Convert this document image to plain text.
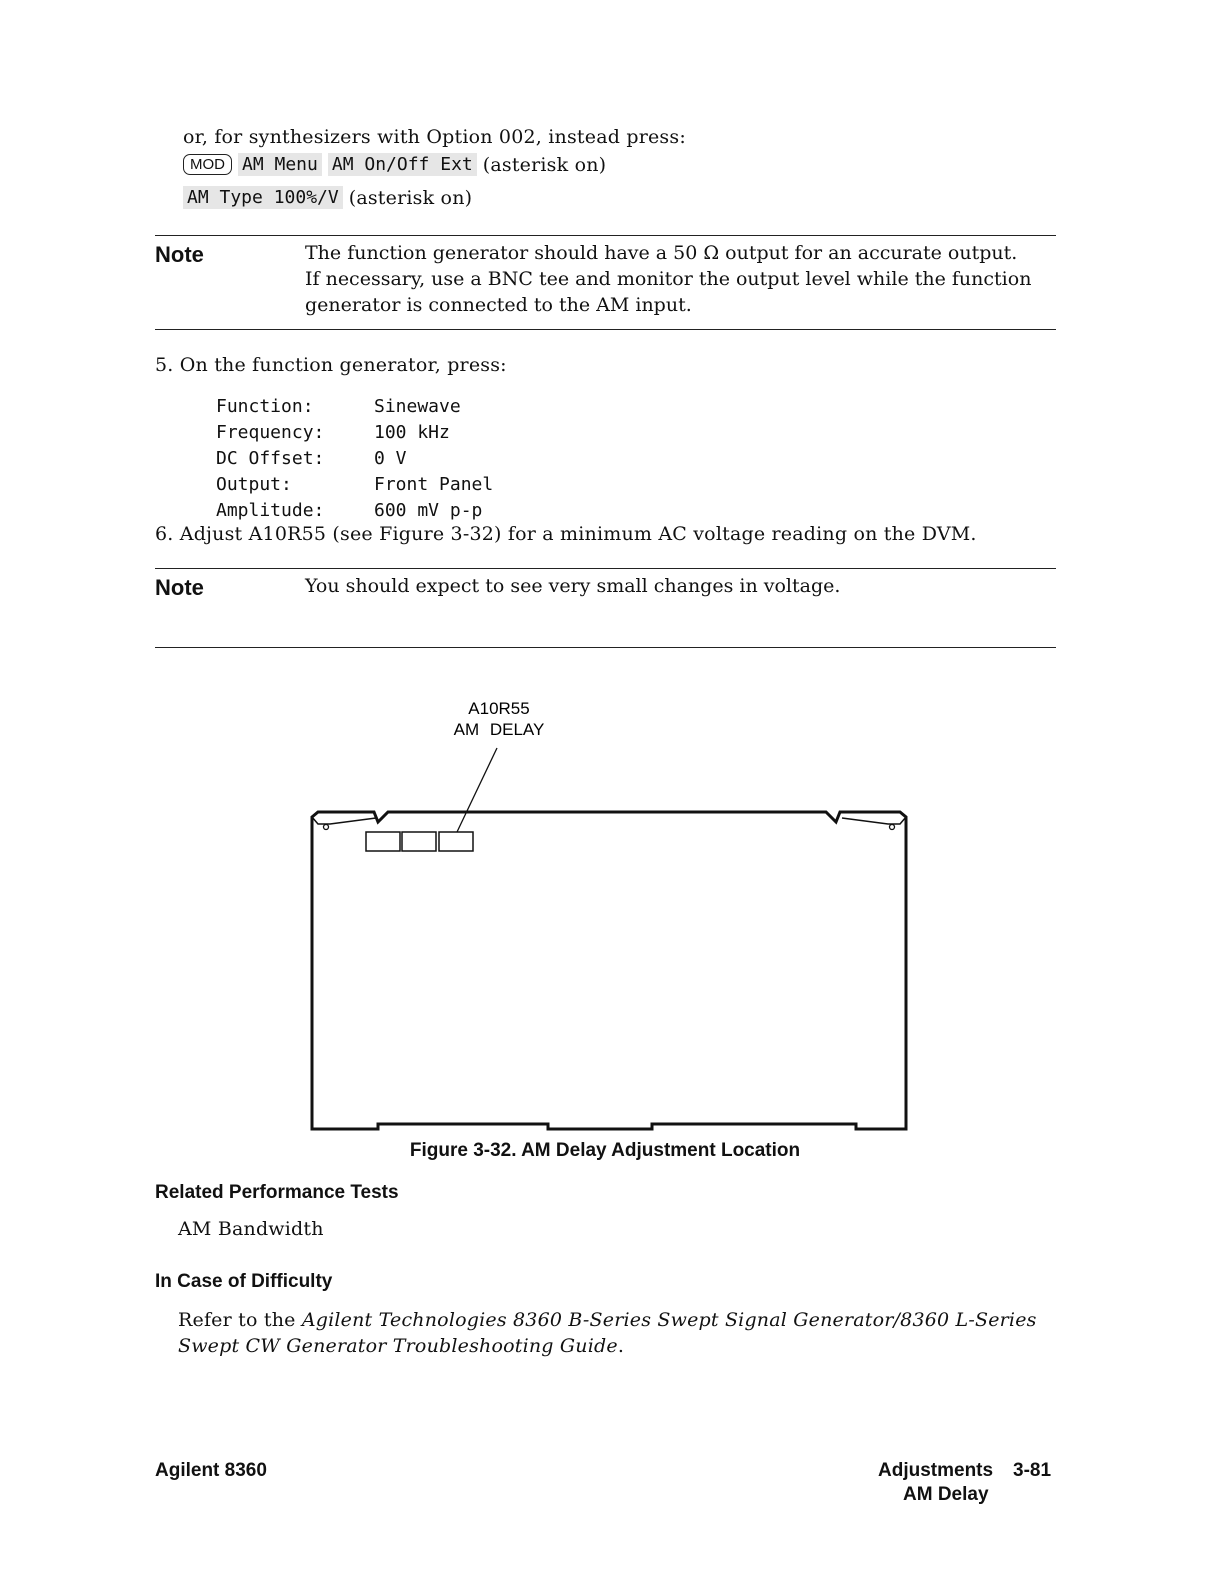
or, for synthesizers with Option 002, instead press:
MOD AM Menu AM On/Off Ext (asterisk on)
AM Type 100%/V (asterisk on)
Note	The function generator should have a 50 Ω output for an accurate output.
If necessary, use a BNC tee and monitor the output level while the function
generator is connected to the AM input.
5. On the function generator, press:
Function:	Sinewave
Frequency:	100 kHz
DC Offset:	0 V
Output:	Front Panel
Amplitude:	600 mV p-p
6. Adjust A10R55 (see Figure 3-32) for a minimum AC voltage reading on the DVM.
Note	You should expect to see very small changes in voltage.
A10R55
AM DELAY
Figure 3-32. AM Delay Adjustment Location
Related Performance Tests
AM Bandwidth
In Case of Difficulty
Refer to the Agilent Technologies 8360 B-Series Swept Signal Generator/8360 L-Series
Swept CW Generator Troubleshooting Guide.
Agilent 8360	Adjustments 3-81
AM Delay
